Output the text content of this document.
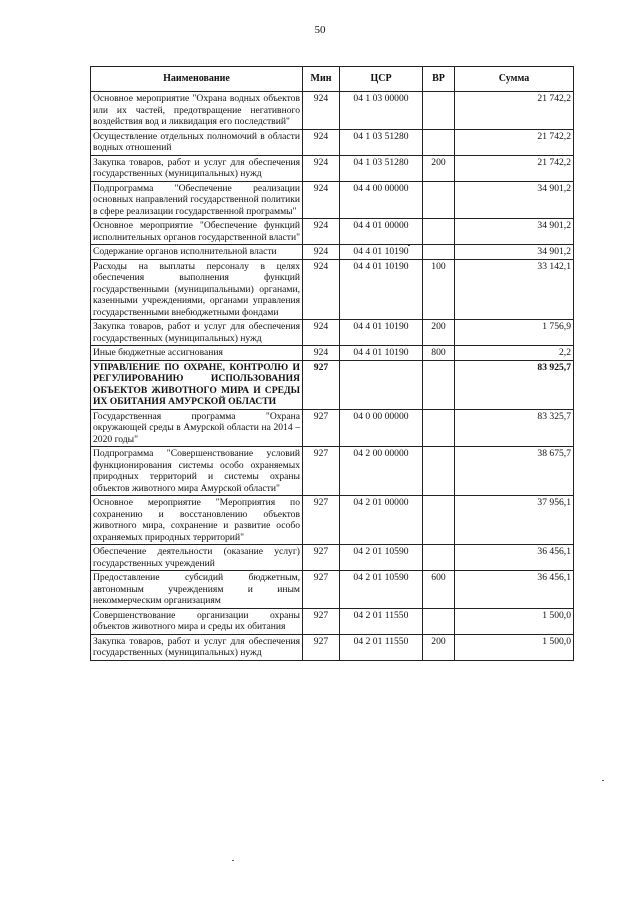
50
Наименование	Мин	ЦСР	ВР	Сумма
Основное мероприятие "Охрана водных объектов или их частей, предотвращение негативного воздействия вод и ликвидация его последствий"	924	04 1 03 00000		21 742,2
Осуществление отдельных полномочий в области водных отношений	924	04 1 03 51280		21 742,2
Закупка товаров, работ и услуг для обеспечения государственных (муниципальных) нужд	924	04 1 03 51280	200	21 742,2
Подпрограмма "Обеспечение реализации основных направлений государственной политики в сфере реализации государственной программы"	924	04 4 00 00000		34 901,2
Основное мероприятие "Обеспечение функций исполнительных органов государственной власти"	924	04 4 01 00000		34 901,2
Содержание органов исполнительной власти	924	04 4 01 10190		34 901,2
Расходы на выплаты персоналу в целях обеспечения выполнения функций государственными (муниципальными) органами, казенными учреждениями, органами управления государственными внебюджетными фондами	924	04 4 01 10190	100	33 142,1
Закупка товаров, работ и услуг для обеспечения государственных (муниципальных) нужд	924	04 4 01 10190	200	1 756,9
Иные бюджетные ассигнования	924	04 4 01 10190	800	2,2
УПРАВЛЕНИЕ ПО ОХРАНЕ, КОНТРОЛЮ И РЕГУЛИРОВАНИЮ ИСПОЛЬЗОВАНИЯ ОБЪЕКТОВ ЖИВОТНОГО МИРА И СРЕДЫ ИХ ОБИТАНИЯ АМУРСКОЙ ОБЛАСТИ	927			83 925,7
Государственная программа "Охрана окружающей среды в Амурской области на 2014 – 2020 годы"	927	04 0 00 00000		83 325,7
Подпрограмма "Совершенствование условий функционирования системы особо охраняемых природных территорий и системы охраны объектов животного мира Амурской области"	927	04 2 00 00000		38 675,7
Основное мероприятие "Мероприятия по сохранению и восстановлению объектов животного мира, сохранение и развитие особо охраняемых природных территорий"	927	04 2 01 00000		37 956,1
Обеспечение деятельности (оказание услуг) государственных учреждений	927	04 2 01 10590		36 456,1
Предоставление субсидий бюджетным, автономным учреждениям и иным некоммерческим организациям	927	04 2 01 10590	600	36 456,1
Совершенствование организации охраны объектов животного мира и среды их обитания	927	04 2 01 11550		1 500,0
Закупка товаров, работ и услуг для обеспечения государственных (муниципальных) нужд	927	04 2 01 11550	200	1 500,0
